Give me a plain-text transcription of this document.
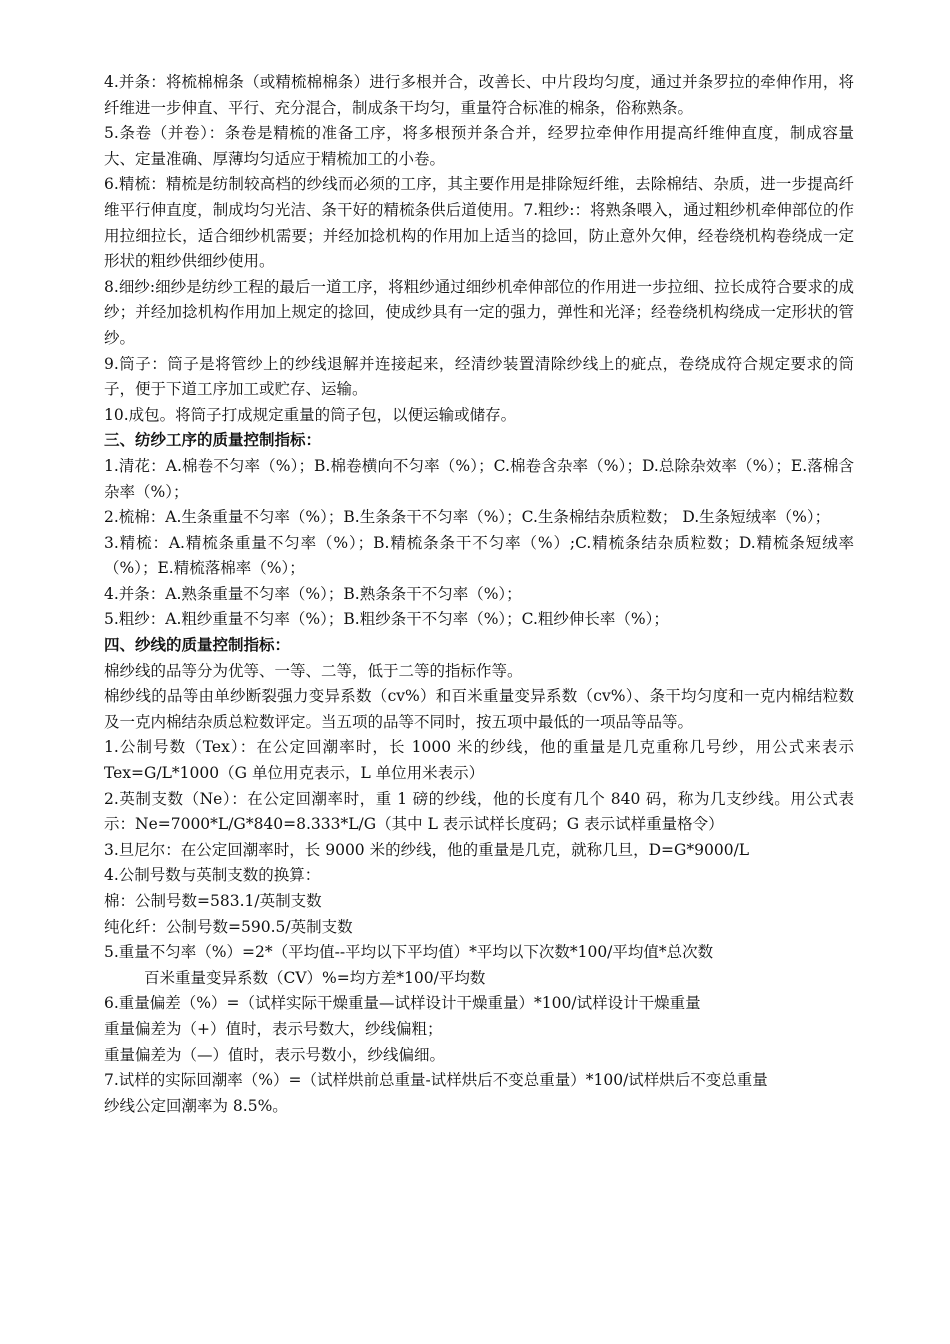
4.并条：将梳棉棉条（或精梳棉棉条）进行多根并合，改善长、中片段均匀度，通过并条罗拉的牵伸作用，将纤维进一步伸直、平行、充分混合，制成条干均匀，重量符合标准的棉条，俗称熟条。

5.条卷（并卷）：条卷是精梳的准备工序，将多根预并条合并，经罗拉牵伸作用提高纤维伸直度，制成容量大、定量准确、厚薄均匀适应于精梳加工的小卷。

6.精梳：精梳是纺制较高档的纱线而必须的工序，其主要作用是排除短纤维，去除棉结、杂质，进一步提高纤维平行伸直度，制成均匀光洁、条干好的精梳条供后道使用。7.粗纱:：将熟条喂入，通过粗纱机牵伸部位的作用拉细拉长，适合细纱机需要；并经加捻机构的作用加上适当的捻回，防止意外欠伸，经卷绕机构卷绕成一定形状的粗纱供细纱使用。

8.细纱:细纱是纺纱工程的最后一道工序，将粗纱通过细纱机牵伸部位的作用进一步拉细、拉长成符合要求的成纱；并经加捻机构作用加上规定的捻回，使成纱具有一定的强力，弹性和光泽；经卷绕机构绕成一定形状的管纱。

9.筒子：筒子是将管纱上的纱线退解并连接起来，经清纱装置清除纱线上的疵点，卷绕成符合规定要求的筒子，便于下道工序加工或贮存、运输。

10.成包。将筒子打成规定重量的筒子包，以便运输或储存。

三、纺纱工序的质量控制指标：

1.清花：A.棉卷不匀率（%）；B.棉卷横向不匀率（%）；C.棉卷含杂率（%）；D.总除杂效率（%）；E.落棉含杂率（%）；

2.梳棉：A.生条重量不匀率（%）；B.生条条干不匀率（%）；C.生条棉结杂质粒数； D.生条短绒率（%）；

3.精梳：A.精梳条重量不匀率（%）；B.精梳条条干不匀率（%）;C.精梳条结杂质粒数；D.精梳条短绒率（%）；E.精梳落棉率（%）；

4.并条：A.熟条重量不匀率（%）；B.熟条条干不匀率（%）；

5.粗纱：A.粗纱重量不匀率（%）；B.粗纱条干不匀率（%）；C.粗纱伸长率（%）；

四、纱线的质量控制指标：

棉纱线的品等分为优等、一等、二等，低于二等的指标作等。

棉纱线的品等由单纱断裂强力变异系数（cv%）和百米重量变异系数（cv%）、条干均匀度和一克内棉结粒数及一克内棉结杂质总粒数评定。当五项的品等不同时，按五项中最低的一项品等品等。

1.公制号数（Tex）：在公定回潮率时，长 1000 米的纱线，他的重量是几克重称几号纱，用公式来表示 Tex=G/L*1000（G 单位用克表示，L 单位用米表示）

2.英制支数（Ne）：在公定回潮率时，重 1 磅的纱线，他的长度有几个 840 码，称为几支纱线。用公式表示：Ne=7000*L/G*840=8.333*L/G（其中 L 表示试样长度码；G 表示试样重量格令）

3.旦尼尔：在公定回潮率时，长 9000 米的纱线，他的重量是几克，就称几旦，D=G*9000/L

4.公制号数与英制支数的换算：

棉：公制号数=583.1/英制支数

纯化纤：公制号数=590.5/英制支数

5.重量不匀率（%）=2*（平均值--平均以下平均值）*平均以下次数*100/平均值*总次数

百米重量变异系数（CV）%=均方差*100/平均数

6.重量偏差（%）=（试样实际干燥重量—试样设计干燥重量）*100/试样设计干燥重量

重量偏差为（+）值时，表示号数大，纱线偏粗；

重量偏差为（—）值时，表示号数小，纱线偏细。

7.试样的实际回潮率（%）=（试样烘前总重量-试样烘后不变总重量）*100/试样烘后不变总重量

纱线公定回潮率为 8.5%。
